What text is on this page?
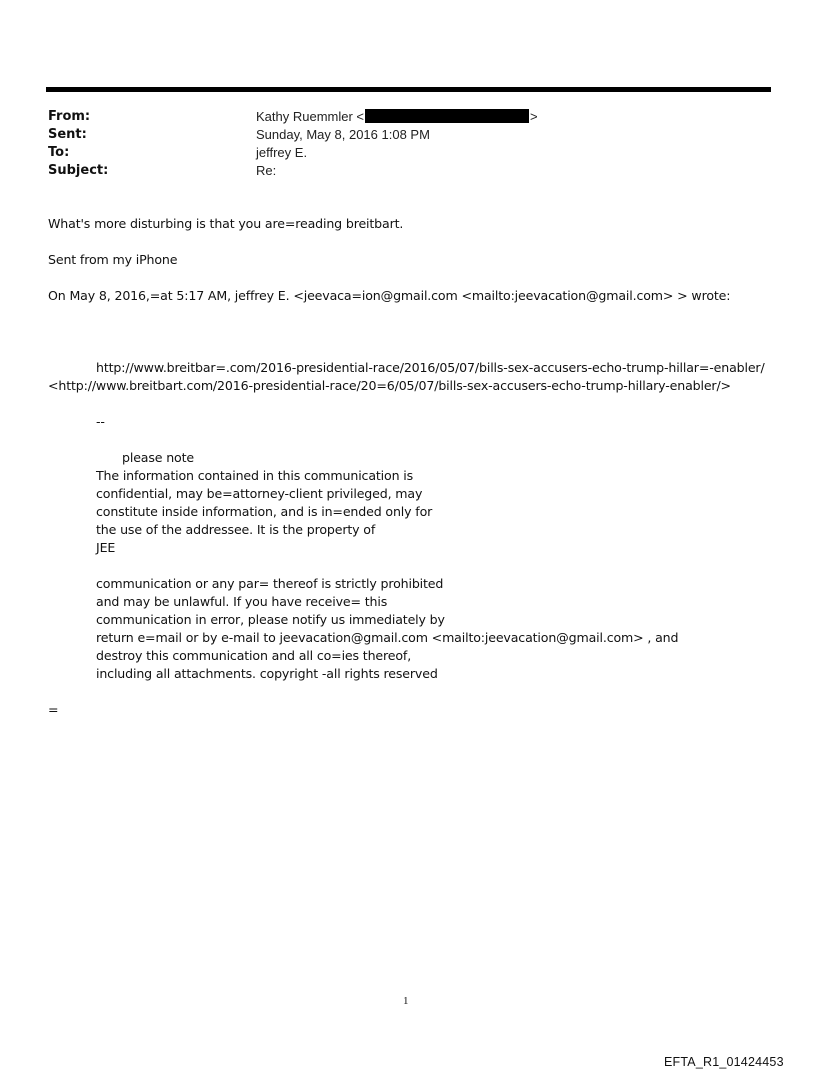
From:	Kathy Ruemmler <	>
Sent:	Sunday, May 8, 2016 1:08 PM
To:	jeffrey E.
Subject:	Re:
What's more disturbing is that you are=reading breitbart.
Sent from my iPhone
On May 8, 2016,=at 5:17 AM, jeffrey E. <jeevaca=ion@gmail.com <mailto:jeevacation@gmail.com> > wrote:
http://www.breitbar=.com/2016-presidential-race/2016/05/07/bills-sex-accusers-echo-trump-hillar=-enabler/
<http://www.breitbart.com/2016-presidential-race/20=6/05/07/bills-sex-accusers-echo-trump-hillary-enabler/>
--
please note
The information contained in this communication is
confidential, may be=attorney-client privileged, may
constitute inside information, and is in=ended only for
the use of the addressee. It is the property of
JEE
communication or any par= thereof is strictly prohibited
and may be unlawful. If you have receive= this
communication in error, please notify us immediately by
return e=mail or by e-mail to jeevacation@gmail.com <mailto:jeevacation@gmail.com> , and
destroy this communication and all co=ies thereof,
including all attachments. copyright -all rights reserved
=
1
EFTA_R1_01424453
